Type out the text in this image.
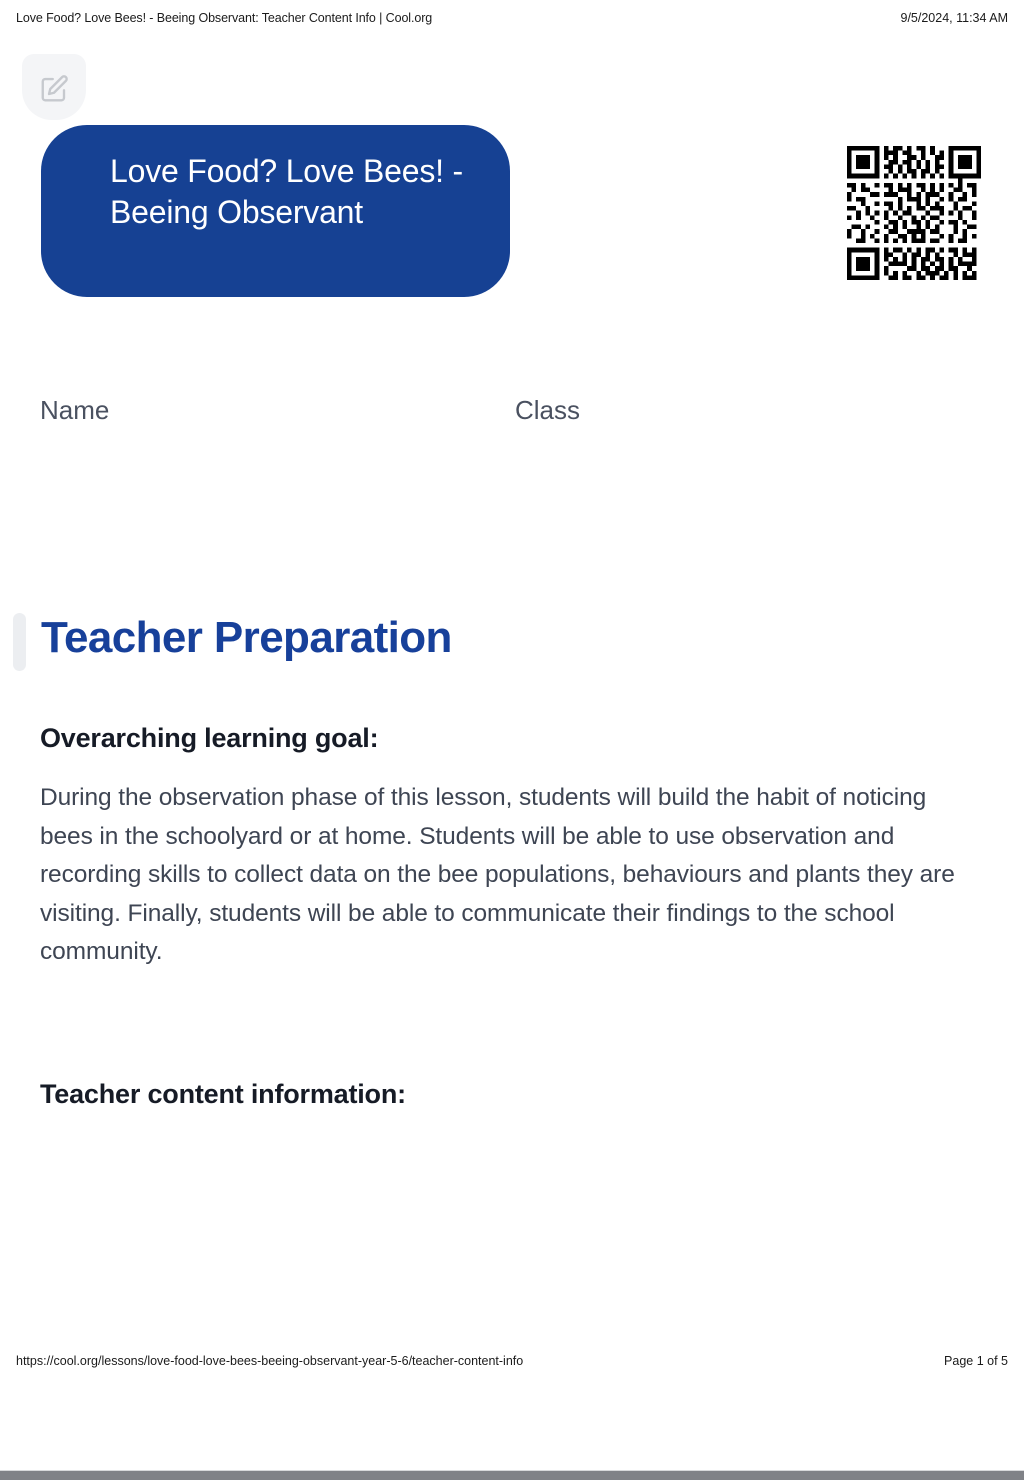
Love Food? Love Bees! - Beeing Observant: Teacher Content Info | Cool.org	9/5/2024, 11:34 AM
Love Food? Love Bees! - Beeing Observant
Name	Class
Teacher Preparation
Overarching learning goal:
During the observation phase of this lesson, students will build the habit of noticing bees in the schoolyard or at home. Students will be able to use observation and recording skills to collect data on the bee populations, behaviours and plants they are visiting. Finally, students will be able to communicate their findings to the school community.
Teacher content information:
https://cool.org/lessons/love-food-love-bees-beeing-observant-year-5-6/teacher-content-info	Page 1 of 5
